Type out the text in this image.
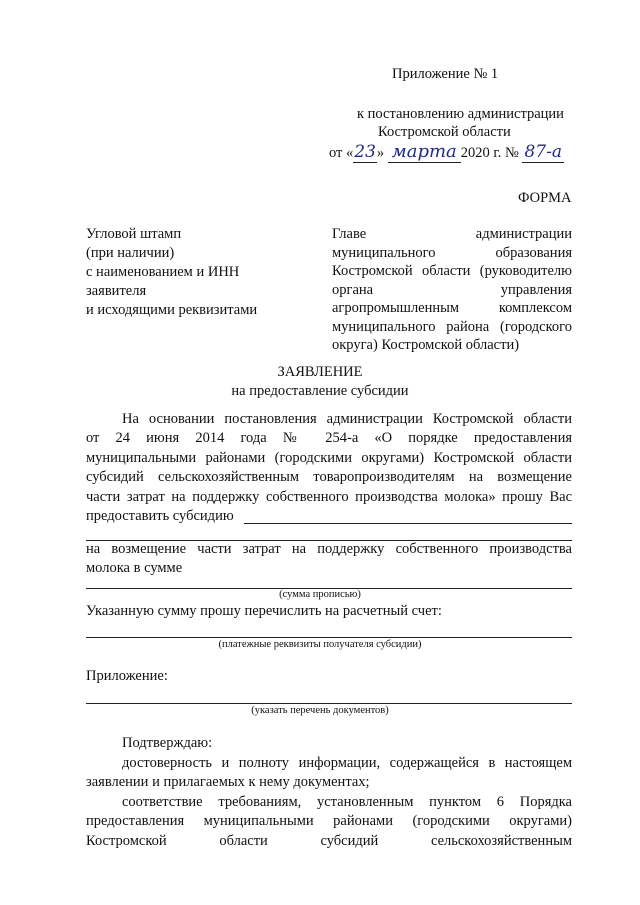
Приложение № 1
к постановлению администрации
Костромской области
от «23» марта 2020 г. № 87-а
ФОРМА
Угловой штамп
(при наличии)
с наименованием и ИНН
заявителя
и исходящими реквизитами
Главе администрации
муниципального образования
Костромской области (руководителю
органа управления
агропромышленным комплексом
муниципального района (городского
округа) Костромской области)
ЗАЯВЛЕНИЕ
на предоставление субсидии
На основании постановления администрации Костромской области
от 24 июня 2014 года № 254-а «О порядке предоставления
муниципальными районами (городскими округами) Костромской области
субсидий сельскохозяйственным товаропроизводителям на возмещение
части затрат на поддержку собственного производства молока» прошу Вас
предоставить субсидию
на возмещение части затрат на поддержку собственного производства
молока в сумме
(сумма прописью)
Указанную сумму прошу перечислить на расчетный счет:
(платежные реквизиты получателя субсидии)
Приложение:
(указать перечень документов)
Подтверждаю:
достоверность и полноту информации, содержащейся в настоящем
заявлении и прилагаемых к нему документах;
соответствие требованиям, установленным пунктом 6 Порядка
предоставления муниципальными районами (городскими округами)
Костромской области субсидий сельскохозяйственным
